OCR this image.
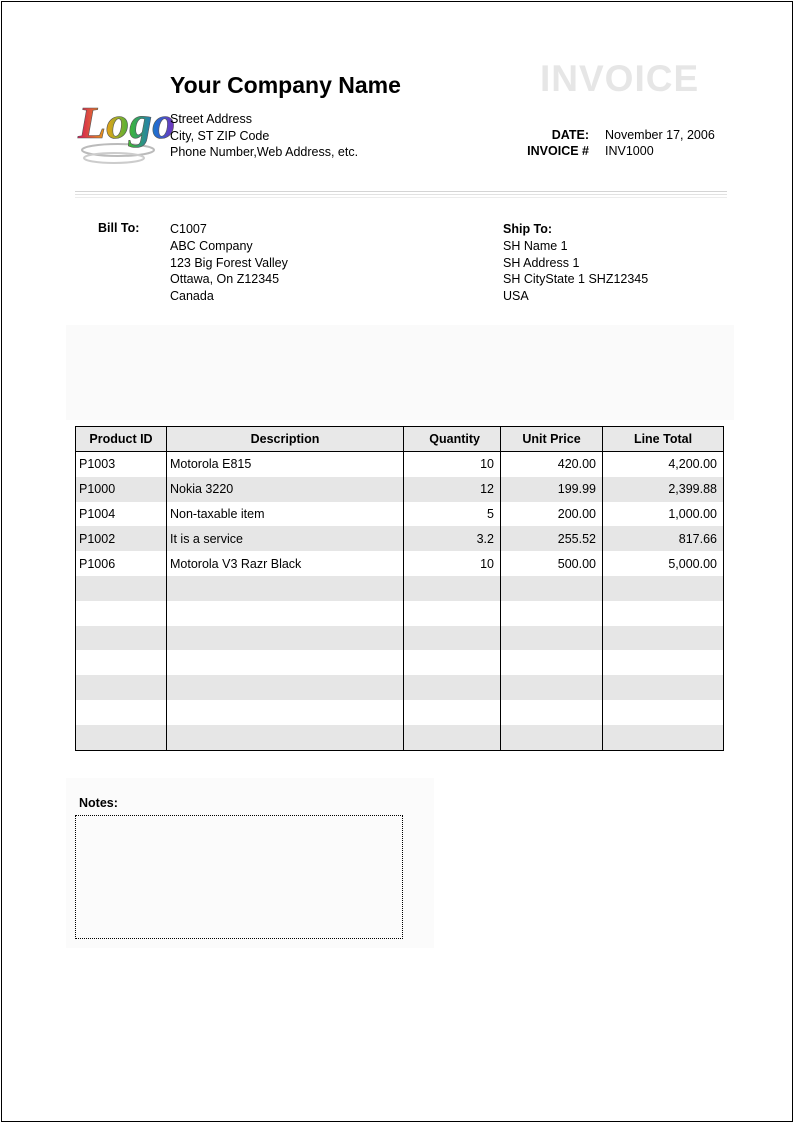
Logo
Your Company Name
Street Address
City, ST ZIP Code
Phone Number,Web Address, etc.
INVOICE
DATE: November 17, 2006
INVOICE # INV1000
Bill To: C1007
ABC Company
123 Big Forest Valley
Ottawa, On Z12345
Canada
Ship To:
SH Name 1
SH Address 1
SH CityState 1 SHZ12345
USA
Product ID	Description	Quantity	Unit Price	Line Total
P1003	Motorola E815	10	420.00	4,200.00
P1000	Nokia 3220	12	199.99	2,399.88
P1004	Non-taxable item	5	200.00	1,000.00
P1002	It is a service	3.2	255.52	817.66
P1006	Motorola V3 Razr Black	10	500.00	5,000.00

Notes:
